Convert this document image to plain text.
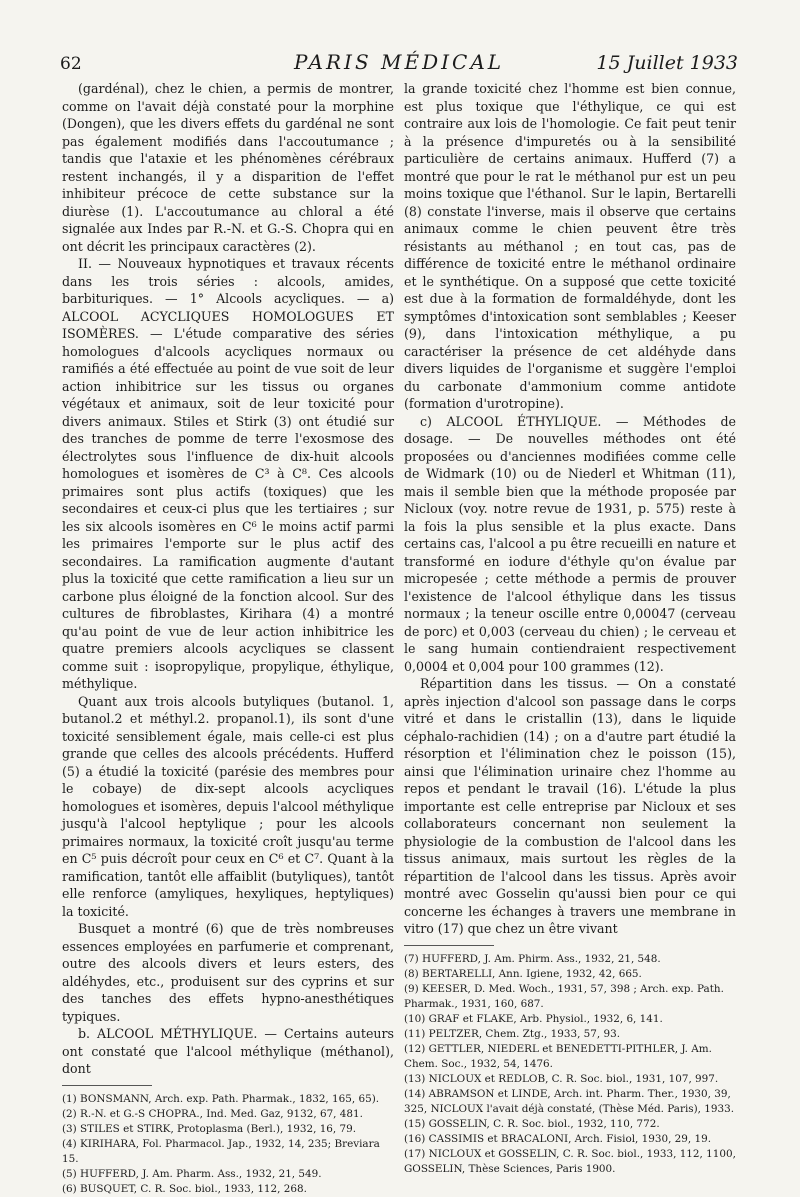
62	PARIS MÉDICAL	15 Juillet 1933

(gardénal), chez le chien, a permis de montrer, comme on l'avait déjà constaté pour la morphine (Dongen), que les divers effets du gardénal ne sont pas également modifiés dans l'accoutumance ; tandis que l'ataxie et les phénomènes cérébraux restent inchangés, il y a disparition de l'effet inhibiteur précoce de cette substance sur la diurèse (1). L'accoutumance au chloral a été signalée aux Indes par R.-N. et G.-S. Chopra qui en ont décrit les principaux caractères (2).

II. — Nouveaux hypnotiques et travaux récents dans les trois séries : alcools, amides, barbituriques. — 1° Alcools acycliques. — a) ALCOOL ACYCLIQUES HOMOLOGUES ET ISOMÈRES. — L'étude comparative des séries homologues d'alcools acycliques normaux ou ramifiés a été effectuée au point de vue soit de leur action inhibitrice sur les tissus ou organes végétaux et animaux, soit de leur toxicité pour divers animaux. Stiles et Stirk (3) ont étudié sur des tranches de pomme de terre l'exosmose des électrolytes sous l'influence de dix-huit alcools homologues et isomères de C³ à C⁸. Ces alcools primaires sont plus actifs (toxiques) que les secondaires et ceux-ci plus que les tertiaires ; sur les six alcools isomères en C⁶ le moins actif parmi les primaires l'emporte sur le plus actif des secondaires. La ramification augmente d'autant plus la toxicité que cette ramification a lieu sur un carbone plus éloigné de la fonction alcool. Sur des cultures de fibroblastes, Kirihara (4) a montré qu'au point de vue de leur action inhibitrice les quatre premiers alcools acycliques se classent comme suit : isopropylique, propylique, éthylique, méthylique.

Quant aux trois alcools butyliques (butanol. 1, butanol.2 et méthyl.2. propanol.1), ils sont d'une toxicité sensiblement égale, mais celle-ci est plus grande que celles des alcools précédents. Hufferd (5) a étudié la toxicité (parésie des membres pour le cobaye) de dix-sept alcools acycliques homologues et isomères, depuis l'alcool méthylique jusqu'à l'alcool heptylique ; pour les alcools primaires normaux, la toxicité croît jusqu'au terme en C⁵ puis décroît pour ceux en C⁶ et C⁷. Quant à la ramification, tantôt elle affaiblit (butyliques), tantôt elle renforce (amyliques, hexyliques, heptyliques) la toxicité.

Busquet a montré (6) que de très nombreuses essences employées en parfumerie et comprenant, outre des alcools divers et leurs esters, des aldéhydes, etc., produisent sur des cyprins et sur des tanches des effets hypno-anesthétiques typiques.

b. ALCOOL MÉTHYLIQUE. — Certains auteurs ont constaté que l'alcool méthylique (méthanol), dont

(1) BONSMANN, Arch. exp. Path. Pharmak., 1832, 165, 65).
(2) R.-N. et G.-S CHOPRA., Ind. Med. Gaz, 9132, 67, 481.
(3) STILES et STIRK, Protoplasma (Berl.), 1932, 16, 79.
(4) KIRIHARA, Fol. Pharmacol. Jap., 1932, 14, 235; Breviara 15.
(5) HUFFERD, J. Am. Pharm. Ass., 1932, 21, 549.
(6) BUSQUET, C. R. Soc. biol., 1933, 112, 268.

la grande toxicité chez l'homme est bien connue, est plus toxique que l'éthylique, ce qui est contraire aux lois de l'homologie. Ce fait peut tenir à la présence d'impuretés ou à la sensibilité particulière de certains animaux. Hufferd (7) a montré que pour le rat le méthanol pur est un peu moins toxique que l'éthanol. Sur le lapin, Bertarelli (8) constate l'inverse, mais il observe que certains animaux comme le chien peuvent être très résistants au méthanol ; en tout cas, pas de différence de toxicité entre le méthanol ordinaire et le synthétique. On a supposé que cette toxicité est due à la formation de formaldéhyde, dont les symptômes d'intoxication sont semblables ; Keeser (9), dans l'intoxication méthylique, a pu caractériser la présence de cet aldéhyde dans divers liquides de l'organisme et suggère l'emploi du carbonate d'ammonium comme antidote (formation d'urotropine).

c) ALCOOL ÉTHYLIQUE. — Méthodes de dosage. — De nouvelles méthodes ont été proposées ou d'anciennes modifiées comme celle de Widmark (10) ou de Niederl et Whitman (11), mais il semble bien que la méthode proposée par Nicloux (voy. notre revue de 1931, p. 575) reste à la fois la plus sensible et la plus exacte. Dans certains cas, l'alcool a pu être recueilli en nature et transformé en iodure d'éthyle qu'on évalue par micropesée ; cette méthode a permis de prouver l'existence de l'alcool éthylique dans les tissus normaux ; la teneur oscille entre 0,00047 (cerveau de porc) et 0,003 (cerveau du chien) ; le cerveau et le sang humain contiendraient respectivement 0,0004 et 0,004 pour 100 grammes (12).

Répartition dans les tissus. — On a constaté après injection d'alcool son passage dans le corps vitré et dans le cristallin (13), dans le liquide céphalo-rachidien (14) ; on a d'autre part étudié la résorption et l'élimination chez le poisson (15), ainsi que l'élimination urinaire chez l'homme au repos et pendant le travail (16). L'étude la plus importante est celle entreprise par Nicloux et ses collaborateurs concernant non seulement la physiologie de la combustion de l'alcool dans les tissus animaux, mais surtout les règles de la répartition de l'alcool dans les tissus. Après avoir montré avec Gosselin qu'aussi bien pour ce qui concerne les échanges à travers une membrane in vitro (17) que chez un être vivant

(7) HUFFERD, J. Am. Phirm. Ass., 1932, 21, 548.
(8) BERTARELLI, Ann. Igiene, 1932, 42, 665.
(9) KEESER, D. Med. Woch., 1931, 57, 398 ; Arch. exp. Path. Pharmak., 1931, 160, 687.
(10) GRAF et FLAKE, Arb. Physiol., 1932, 6, 141.
(11) PELTZER, Chem. Ztg., 1933, 57, 93.
(12) GETTLER, NIEDERL et BENEDETTI-PITHLER, J. Am. Chem. Soc., 1932, 54, 1476.
(13) NICLOUX et REDLOB, C. R. Soc. biol., 1931, 107, 997.
(14) ABRAMSON et LINDE, Arch. int. Pharm. Ther., 1930, 39, 325, NICLOUX l'avait déjà constaté, (Thèse Méd. Paris), 1933.
(15) GOSSELIN, C. R. Soc. biol., 1932, 110, 772.
(16) CASSIMIS et BRACALONI, Arch. Fisiol, 1930, 29, 19.
(17) NICLOUX et GOSSELIN, C. R. Soc. biol., 1933, 112, 1100, GOSSELIN, Thèse Sciences, Paris 1900.
